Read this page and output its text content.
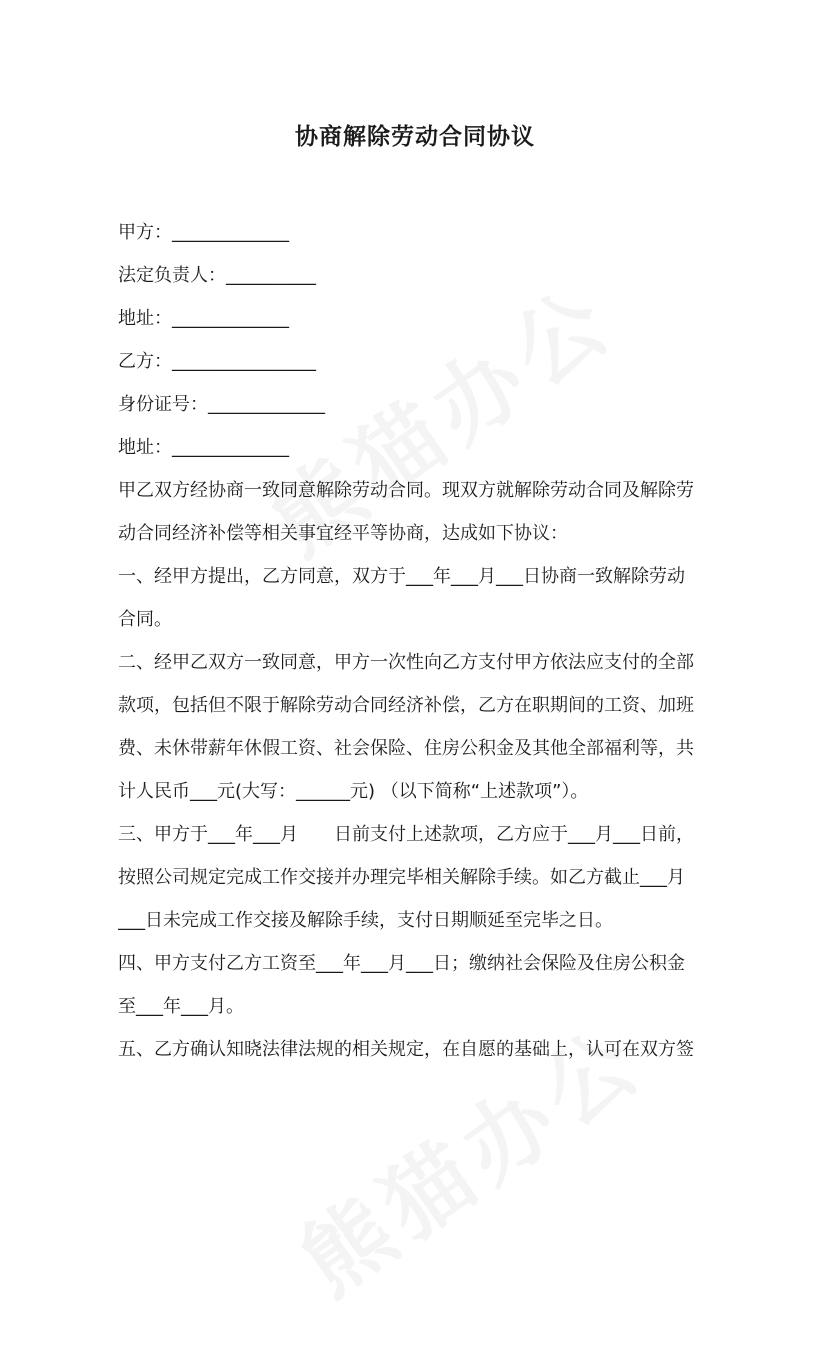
协商解除劳动合同协议
甲方：_____________
法定负责人：__________
地址：_____________
乙方：________________
身份证号：_____________
地址：_____________
甲乙双方经协商一致同意解除劳动合同。现双方就解除劳动合同及解除劳
动合同经济补偿等相关事宜经平等协商，达成如下协议：
一、经甲方提出，乙方同意，双方于___年___月___日协商一致解除劳动
合同。
二、经甲乙双方一致同意，甲方一次性向乙方支付甲方依法应支付的全部
款项，包括但不限于解除劳动合同经济补偿，乙方在职期间的工资、加班
费、未休带薪年休假工资、社会保险、住房公积金及其他全部福利等，共
计人民币___元(大写：______元) （以下简称“上述款项”）。
三、甲方于___年___月　　日前支付上述款项，乙方应于___月___日前，
按照公司规定完成工作交接并办理完毕相关解除手续。如乙方截止___月
___日未完成工作交接及解除手续，支付日期顺延至完毕之日。
四、甲方支付乙方工资至___年___月___日；缴纳社会保险及住房公积金
至___年___月。
五、乙方确认知晓法律法规的相关规定，在自愿的基础上，认可在双方签
